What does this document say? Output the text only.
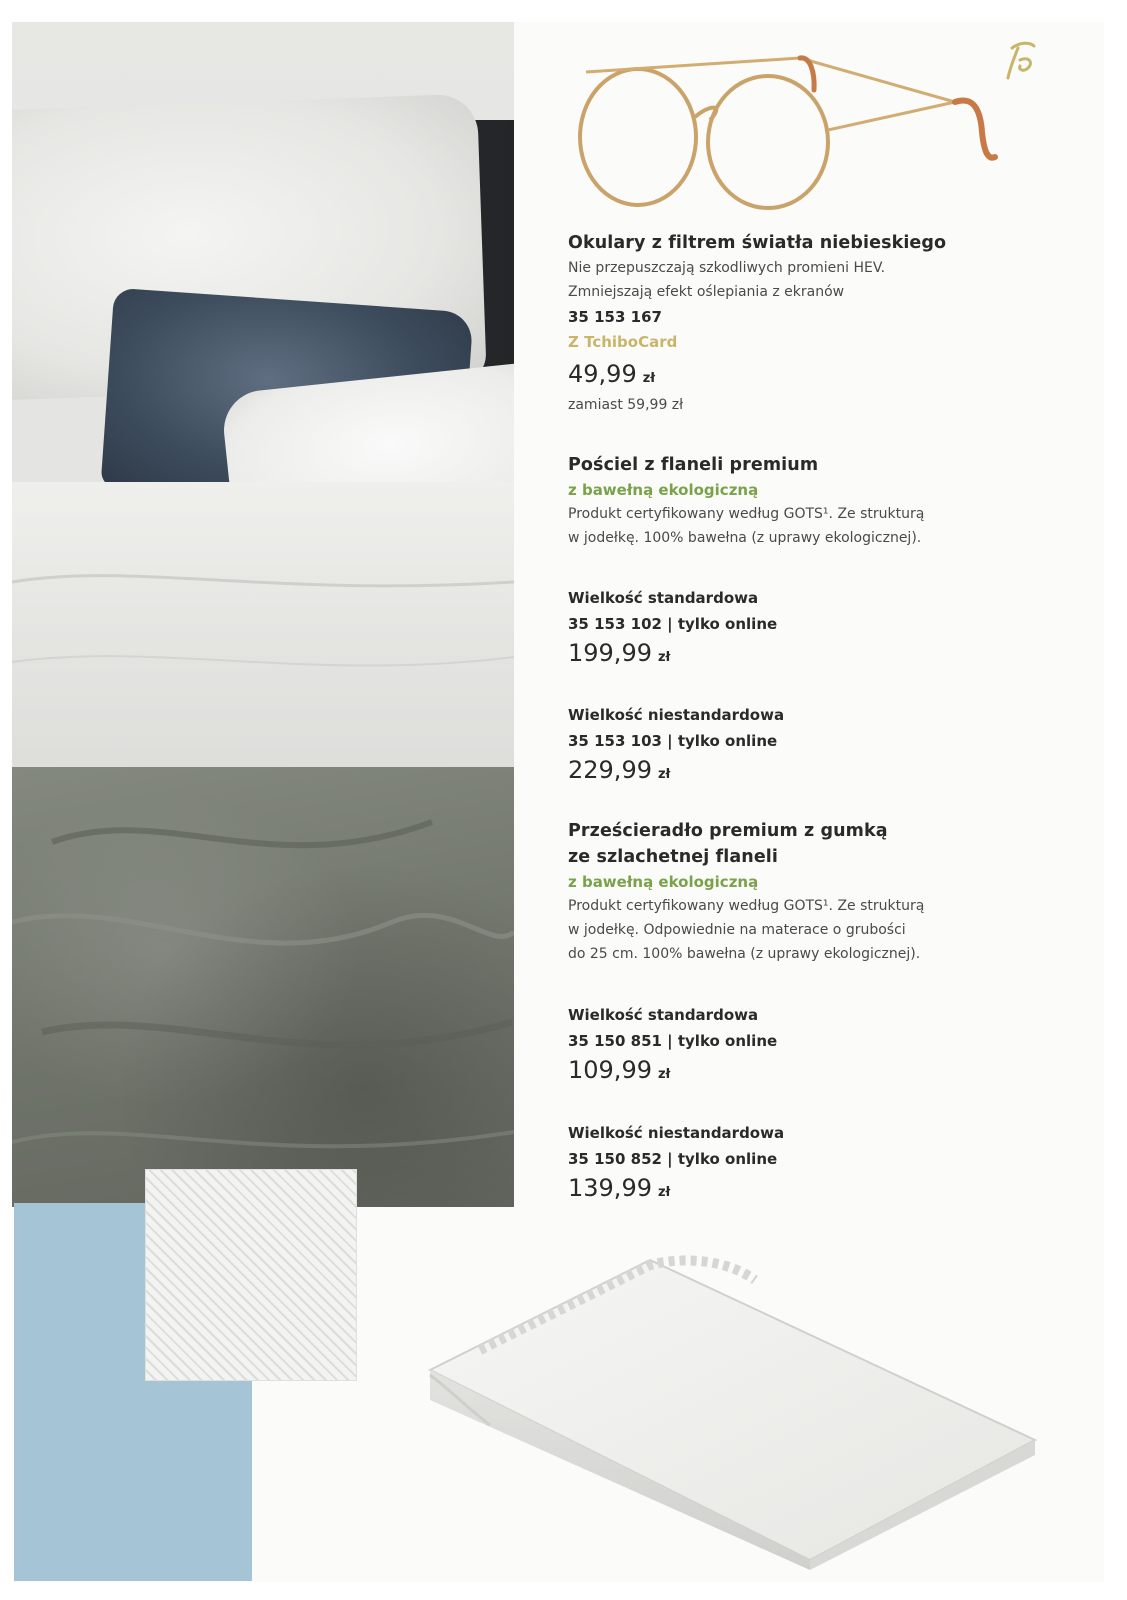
Okulary z filtrem światła niebieskiego
Nie przepuszczają szkodliwych promieni HEV.
Zmniejszają efekt oślepiania z ekranów
35 153 167
Z TchiboCard
49,99 zł
zamiast 59,99 zł
Pościel z flaneli premium
z bawełną ekologiczną
Produkt certyfikowany według GOTS¹. Ze strukturą
w jodełkę. 100% bawełna (z uprawy ekologicznej).
Wielkość standardowa
35 153 102 | tylko online
199,99 zł
Wielkość niestandardowa
35 153 103 | tylko online
229,99 zł
Prześcieradło premium z gumką
ze szlachetnej flaneli
z bawełną ekologiczną
Produkt certyfikowany według GOTS¹. Ze strukturą
w jodełkę. Odpowiednie na materace o grubości
do 25 cm. 100% bawełna (z uprawy ekologicznej).
Wielkość standardowa
35 150 851 | tylko online
109,99 zł
Wielkość niestandardowa
35 150 852 | tylko online
139,99 zł
